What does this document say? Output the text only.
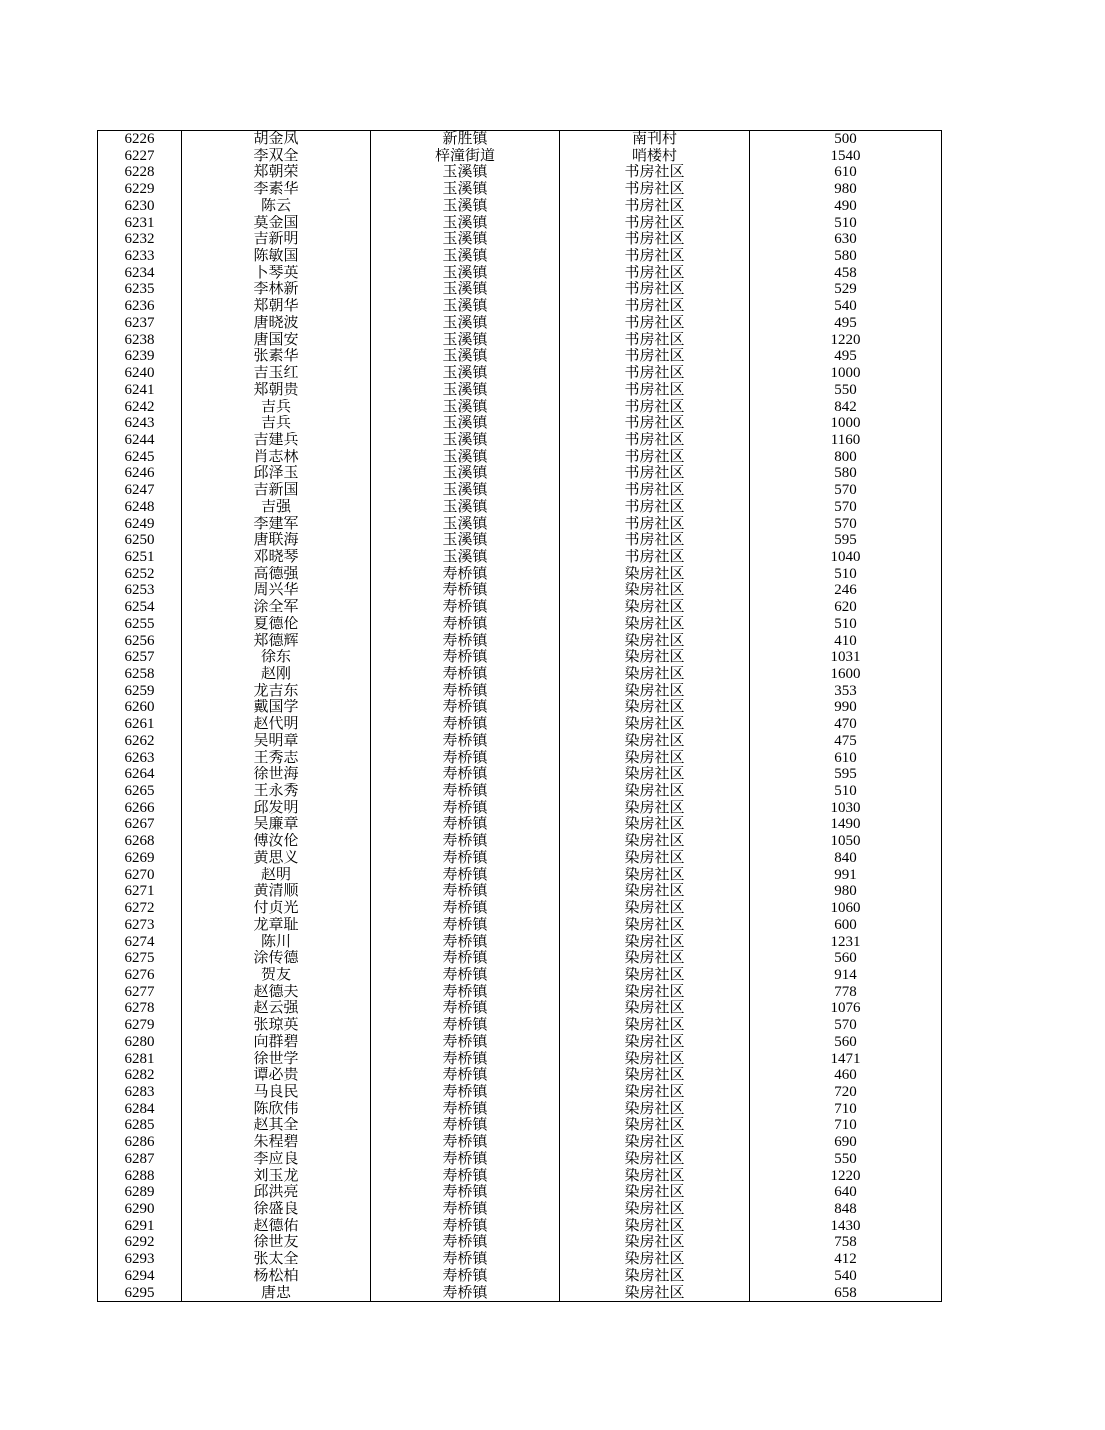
6226	胡金凤	新胜镇	南刊村	500
6227	李双全	梓潼街道	哨楼村	1540
6228	郑朝荣	玉溪镇	书房社区	610
6229	李素华	玉溪镇	书房社区	980
6230	陈云	玉溪镇	书房社区	490
6231	莫金国	玉溪镇	书房社区	510
6232	吉新明	玉溪镇	书房社区	630
6233	陈敏国	玉溪镇	书房社区	580
6234	卜琴英	玉溪镇	书房社区	458
6235	李林新	玉溪镇	书房社区	529
6236	郑朝华	玉溪镇	书房社区	540
6237	唐晓波	玉溪镇	书房社区	495
6238	唐国安	玉溪镇	书房社区	1220
6239	张素华	玉溪镇	书房社区	495
6240	吉玉红	玉溪镇	书房社区	1000
6241	郑朝贵	玉溪镇	书房社区	550
6242	吉兵	玉溪镇	书房社区	842
6243	吉兵	玉溪镇	书房社区	1000
6244	吉建兵	玉溪镇	书房社区	1160
6245	肖志林	玉溪镇	书房社区	800
6246	邱泽玉	玉溪镇	书房社区	580
6247	吉新国	玉溪镇	书房社区	570
6248	吉强	玉溪镇	书房社区	570
6249	李建军	玉溪镇	书房社区	570
6250	唐联海	玉溪镇	书房社区	595
6251	邓晓琴	玉溪镇	书房社区	1040
6252	高德强	寿桥镇	染房社区	510
6253	周兴华	寿桥镇	染房社区	246
6254	涂全军	寿桥镇	染房社区	620
6255	夏德伦	寿桥镇	染房社区	510
6256	郑德辉	寿桥镇	染房社区	410
6257	徐东	寿桥镇	染房社区	1031
6258	赵刚	寿桥镇	染房社区	1600
6259	龙吉东	寿桥镇	染房社区	353
6260	戴国学	寿桥镇	染房社区	990
6261	赵代明	寿桥镇	染房社区	470
6262	吴明章	寿桥镇	染房社区	475
6263	王秀志	寿桥镇	染房社区	610
6264	徐世海	寿桥镇	染房社区	595
6265	王永秀	寿桥镇	染房社区	510
6266	邱发明	寿桥镇	染房社区	1030
6267	吴廉章	寿桥镇	染房社区	1490
6268	傅汝伦	寿桥镇	染房社区	1050
6269	黄思义	寿桥镇	染房社区	840
6270	赵明	寿桥镇	染房社区	991
6271	黄清顺	寿桥镇	染房社区	980
6272	付贞光	寿桥镇	染房社区	1060
6273	龙章耻	寿桥镇	染房社区	600
6274	陈川	寿桥镇	染房社区	1231
6275	涂传德	寿桥镇	染房社区	560
6276	贺友	寿桥镇	染房社区	914
6277	赵德夫	寿桥镇	染房社区	778
6278	赵云强	寿桥镇	染房社区	1076
6279	张琼英	寿桥镇	染房社区	570
6280	向群碧	寿桥镇	染房社区	560
6281	徐世学	寿桥镇	染房社区	1471
6282	谭必贵	寿桥镇	染房社区	460
6283	马良民	寿桥镇	染房社区	720
6284	陈欣伟	寿桥镇	染房社区	710
6285	赵其全	寿桥镇	染房社区	710
6286	朱程碧	寿桥镇	染房社区	690
6287	李应良	寿桥镇	染房社区	550
6288	刘玉龙	寿桥镇	染房社区	1220
6289	邱洪亮	寿桥镇	染房社区	640
6290	徐盛良	寿桥镇	染房社区	848
6291	赵德佑	寿桥镇	染房社区	1430
6292	徐世友	寿桥镇	染房社区	758
6293	张太全	寿桥镇	染房社区	412
6294	杨松柏	寿桥镇	染房社区	540
6295	唐忠	寿桥镇	染房社区	658
